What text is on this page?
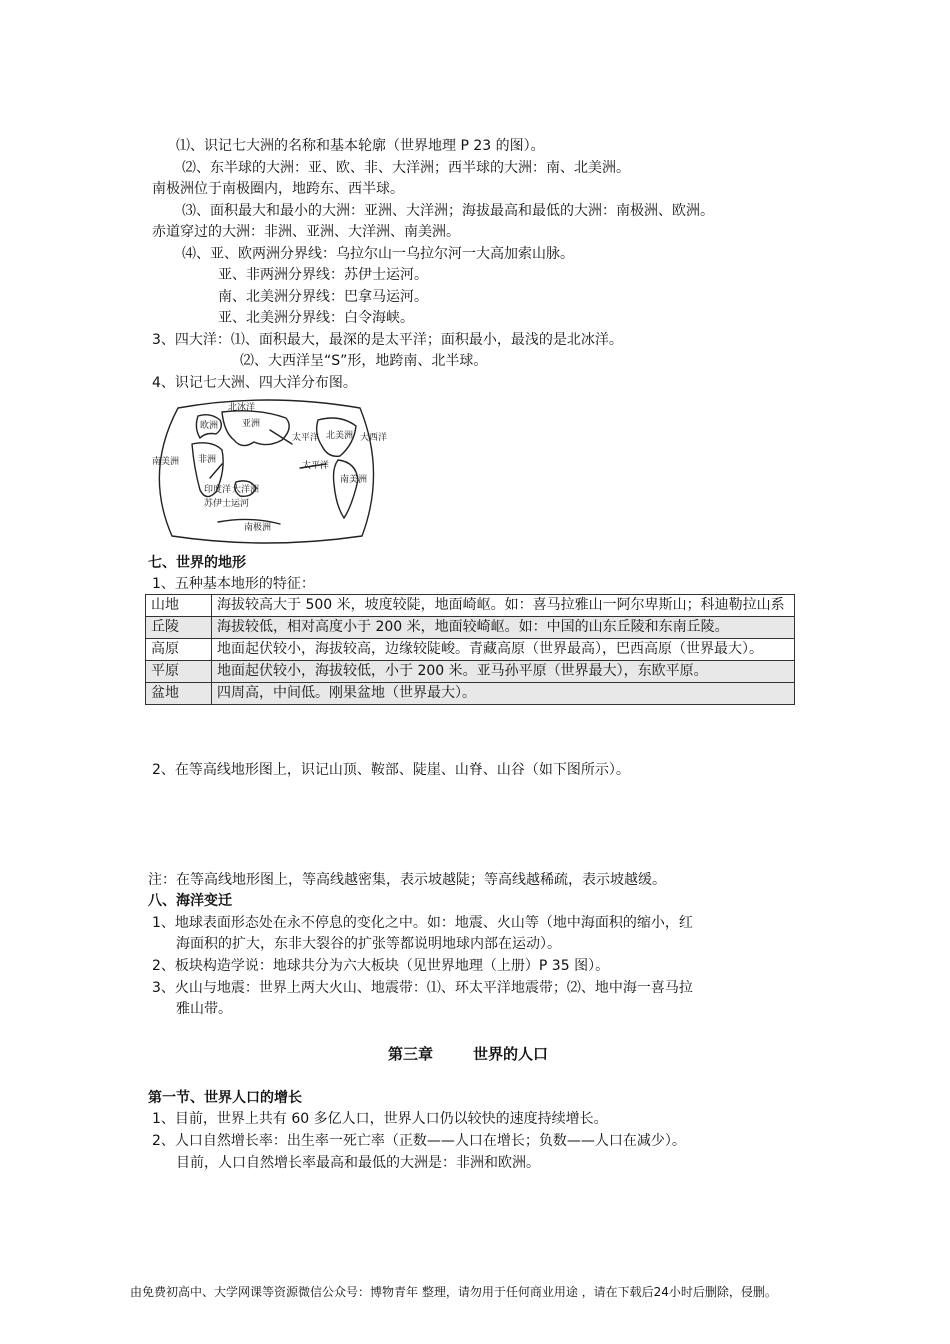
⑴、识记七大洲的名称和基本轮廓（世界地理 P 23 的图）。
⑵、东半球的大洲：亚、欧、非、大洋洲；西半球的大洲：南、北美洲。
南极洲位于南极圈内，地跨东、西半球。
⑶、面积最大和最小的大洲：亚洲、大洋洲；海拔最高和最低的大洲：南极洲、欧洲。
赤道穿过的大洲：非洲、亚洲、大洋洲、南美洲。
⑷、亚、欧两洲分界线：乌拉尔山一乌拉尔河一大高加索山脉。
亚、非两洲分界线：苏伊士运河。
南、北美洲分界线：巴拿马运河。
亚、北美洲分界线：白令海峡。
3、四大洋：⑴、面积最大，最深的是太平洋；面积最小，最浅的是北冰洋。
⑵、大西洋呈“S”形，地跨南、北半球。
4、识记七大洲、四大洋分布图。
北冰洋
欧洲	亚洲
非洲
北美洲
南美洲
南美洲
大洋洲
太平洋
太平洋
大西洋
印度洋
苏伊士运河
南极洲
七、世界的地形
1、五种基本地形的特征：
山地	海拔较高大于 500 米，坡度较陡，地面崎岖。如：喜马拉雅山一阿尔卑斯山；科迪勒拉山系
丘陵	海拔较低，相对高度小于 200 米，地面较崎岖。如：中国的山东丘陵和东南丘陵。
高原	地面起伏较小，海拔较高，边缘较陡峻。青藏高原（世界最高），巴西高原（世界最大）。
平原	地面起伏较小，海拔较低，小于 200 米。亚马孙平原（世界最大），东欧平原。
盆地	四周高，中间低。刚果盆地（世界最大）。
2、在等高线地形图上，识记山顶、鞍部、陡崖、山脊、山谷（如下图所示）。
注：在等高线地形图上，等高线越密集，表示坡越陡；等高线越稀疏，表示坡越缓。
八、海洋变迁
1、地球表面形态处在永不停息的变化之中。如：地震、火山等（地中海面积的缩小，红
海面积的扩大，东非大裂谷的扩张等都说明地球内部在运动）。
2、板块构造学说：地球共分为六大板块（见世界地理（上册）P 35 图）。
3、火山与地震：世界上两大火山、地震带：⑴、环太平洋地震带；⑵、地中海一喜马拉
雅山带。
第三章	世界的人口
第一节、世界人口的增长
1、目前，世界上共有 60 多亿人口，世界人口仍以较快的速度持续增长。
2、人口自然增长率：出生率一死亡率（正数——人口在增长；负数——人口在减少）。
目前，人口自然增长率最高和最低的大洲是：非洲和欧洲。
由免费初高中、大学网课等资源微信公众号：博物青年 整理，请勿用于任何商业用途 ，请在下载后24小时后删除，侵删。
